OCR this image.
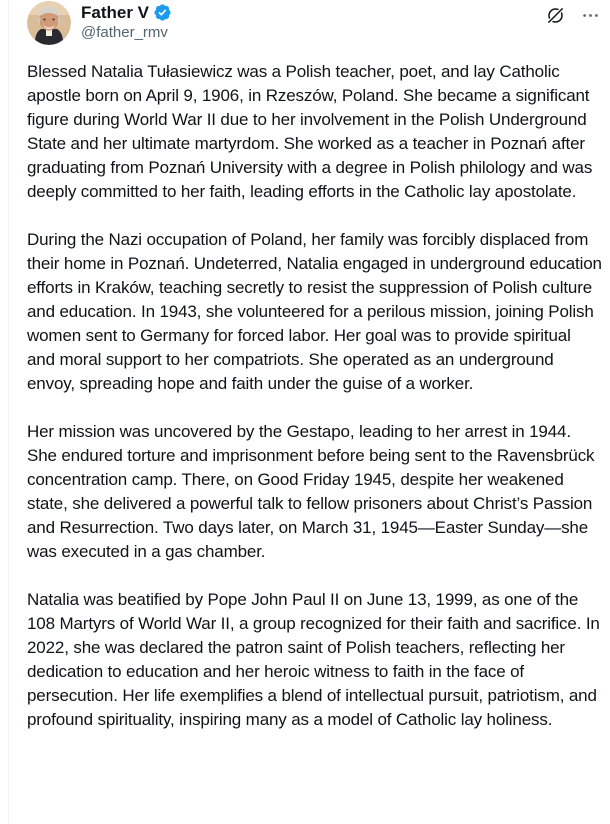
Father V
@father_rmv

Blessed Natalia Tułasiewicz was a Polish teacher, poet, and lay Catholic apostle born on April 9, 1906, in Rzeszów, Poland. She became a significant figure during World War II due to her involvement in the Polish Underground State and her ultimate martyrdom. She worked as a teacher in Poznań after graduating from Poznań University with a degree in Polish philology and was deeply committed to her faith, leading efforts in the Catholic lay apostolate.

During the Nazi occupation of Poland, her family was forcibly displaced from their home in Poznań. Undeterred, Natalia engaged in underground education efforts in Kraków, teaching secretly to resist the suppression of Polish culture and education. In 1943, she volunteered for a perilous mission, joining Polish women sent to Germany for forced labor. Her goal was to provide spiritual and moral support to her compatriots. She operated as an underground envoy, spreading hope and faith under the guise of a worker.

Her mission was uncovered by the Gestapo, leading to her arrest in 1944. She endured torture and imprisonment before being sent to the Ravensbrück concentration camp. There, on Good Friday 1945, despite her weakened state, she delivered a powerful talk to fellow prisoners about Christ’s Passion and Resurrection. Two days later, on March 31, 1945—Easter Sunday—she was executed in a gas chamber.

Natalia was beatified by Pope John Paul II on June 13, 1999, as one of the 108 Martyrs of World War II, a group recognized for their faith and sacrifice. In 2022, she was declared the patron saint of Polish teachers, reflecting her dedication to education and her heroic witness to faith in the face of persecution. Her life exemplifies a blend of intellectual pursuit, patriotism, and profound spirituality, inspiring many as a model of Catholic lay holiness.
